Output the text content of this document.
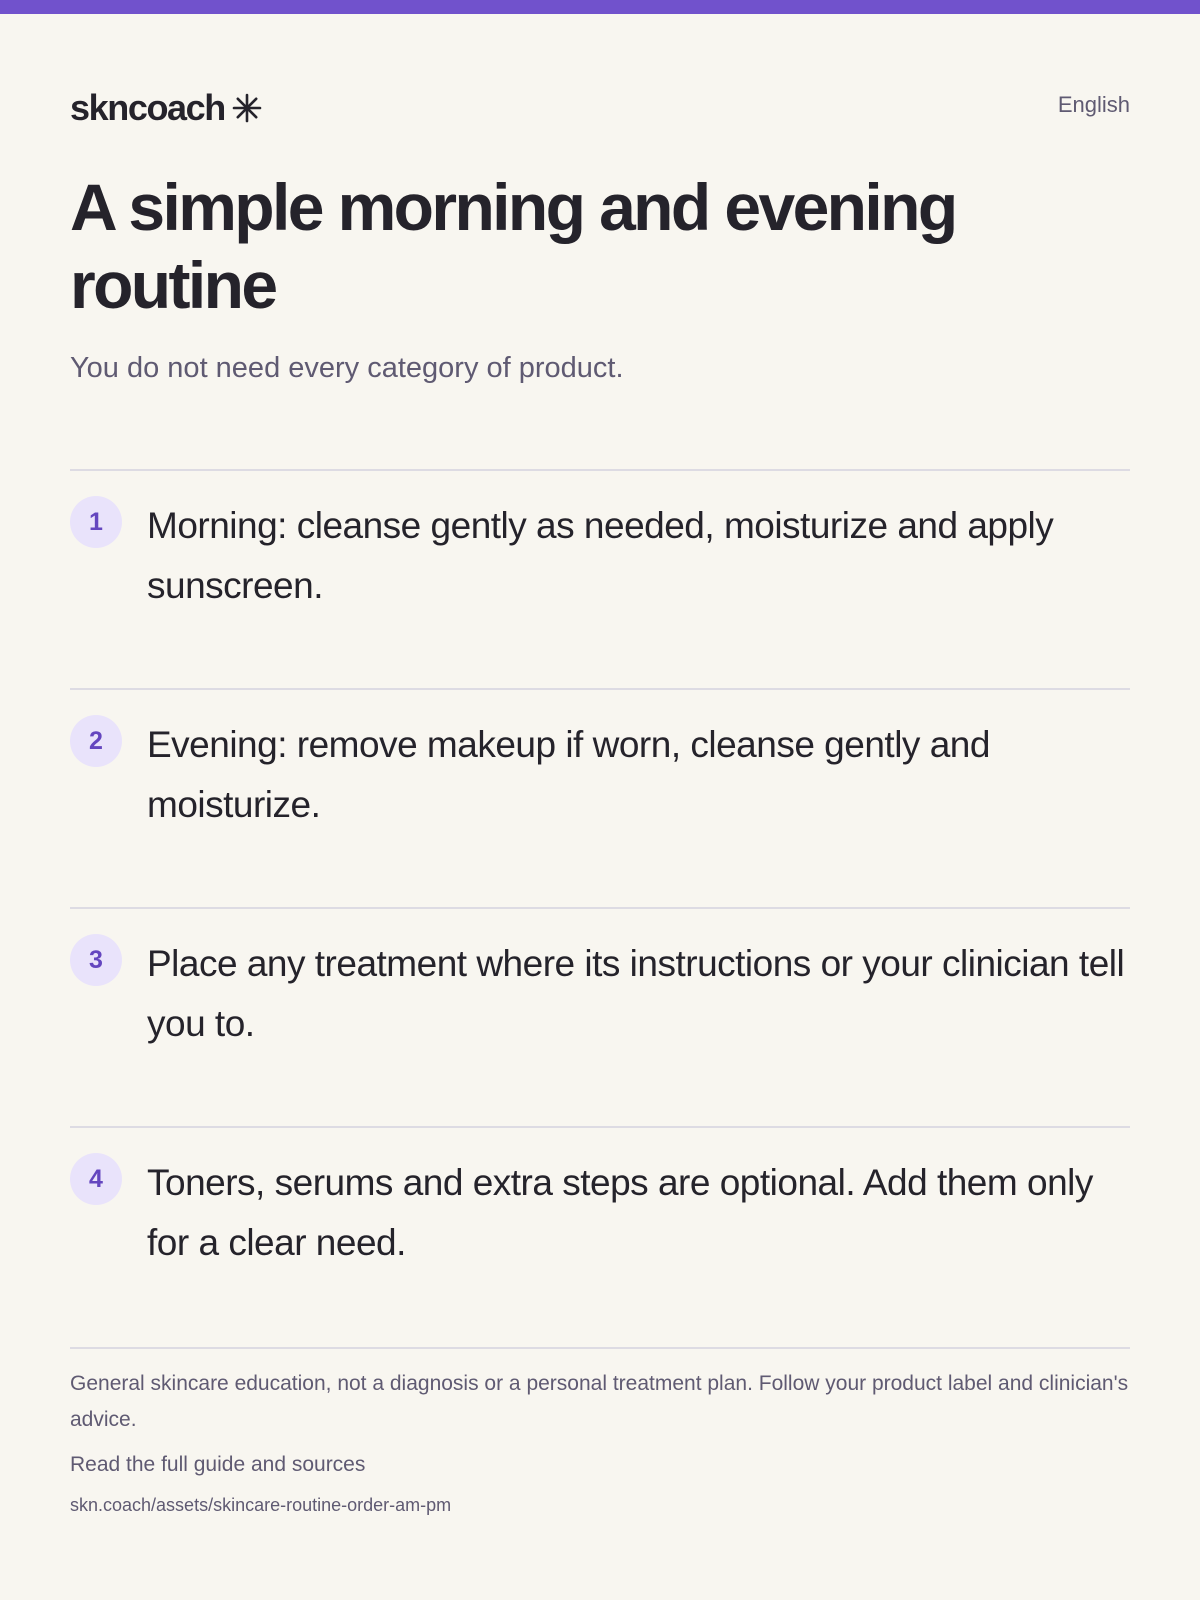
skncoach	English
A simple morning and evening routine

You do not need every category of product.

1	Morning: cleanse gently as needed, moisturize and apply sunscreen.

2	Evening: remove makeup if worn, cleanse gently and moisturize.

3	Place any treatment where its instructions or your clinician tell you to.

4	Toners, serums and extra steps are optional. Add them only for a clear need.

General skincare education, not a diagnosis or a personal treatment plan. Follow your product label and clinician's advice.

Read the full guide and sources

skn.coach/assets/skincare-routine-order-am-pm
